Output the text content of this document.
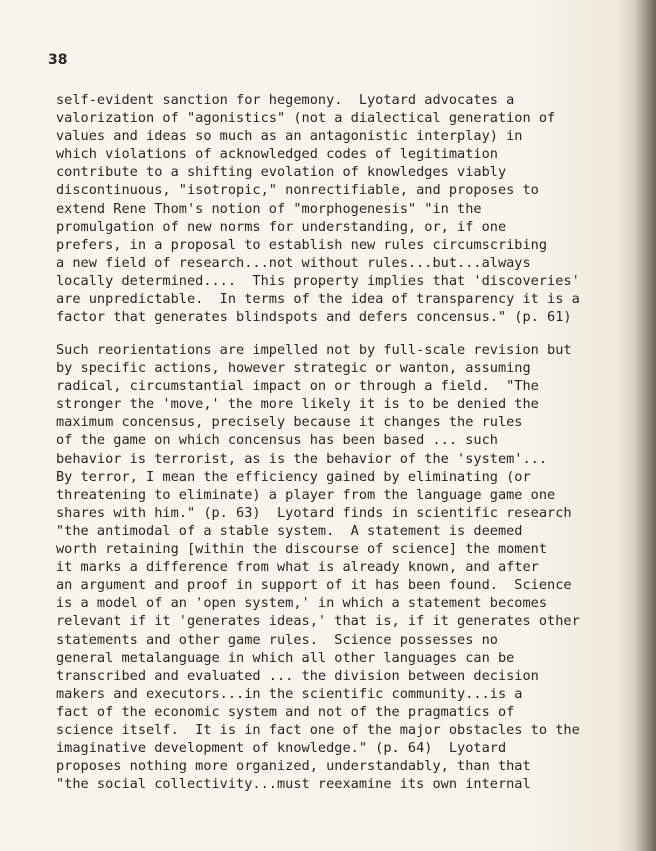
38
self-evident sanction for hegemony.  Lyotard advocates a
valorization of "agonistics" (not a dialectical generation of
values and ideas so much as an antagonistic interplay) in
which violations of acknowledged codes of legitimation
contribute to a shifting evolation of knowledges viably
discontinuous, "isotropic," nonrectifiable, and proposes to
extend Rene Thom's notion of "morphogenesis" "in the
promulgation of new norms for understanding, or, if one
prefers, in a proposal to establish new rules circumscribing
a new field of research...not without rules...but...always
locally determined....  This property implies that 'discoveries'
are unpredictable.  In terms of the idea of transparency it is a
factor that generates blindspots and defers concensus." (p. 61)
Such reorientations are impelled not by full-scale revision but
by specific actions, however strategic or wanton, assuming
radical, circumstantial impact on or through a field.  "The
stronger the 'move,' the more likely it is to be denied the
maximum concensus, precisely because it changes the rules
of the game on which concensus has been based ... such
behavior is terrorist, as is the behavior of the 'system'...
By terror, I mean the efficiency gained by eliminating (or
threatening to eliminate) a player from the language game one
shares with him." (p. 63)  Lyotard finds in scientific research
"the antimodal of a stable system.  A statement is deemed
worth retaining [within the discourse of science] the moment
it marks a difference from what is already known, and after
an argument and proof in support of it has been found.  Science
is a model of an 'open system,' in which a statement becomes
relevant if it 'generates ideas,' that is, if it generates other
statements and other game rules.  Science possesses no
general metalanguage in which all other languages can be
transcribed and evaluated ... the division between decision
makers and executors...in the scientific community...is a
fact of the economic system and not of the pragmatics of
science itself.  It is in fact one of the major obstacles to the
imaginative development of knowledge." (p. 64)  Lyotard
proposes nothing more organized, understandably, than that
"the social collectivity...must reexamine its own internal
